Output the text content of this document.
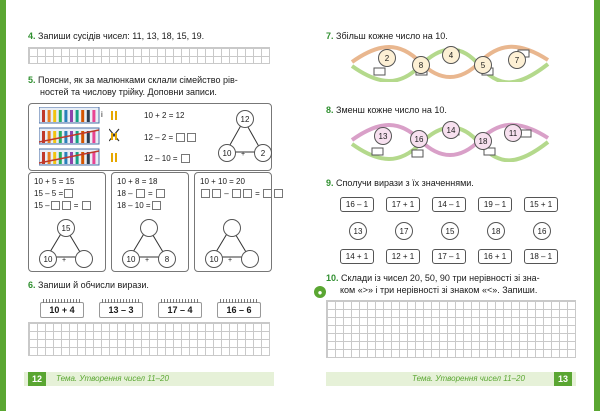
4. Запиши сусідів чисел: 11, 13, 18, 15, 19.
5. Поясни, як за малюнками склали сімейство рів-
ностей та числову трійку. Доповни записи.
і	10 + 2 = 12
12 – 2 =
12 – 10 =
12
10	2
+
10 + 5 = 15
15 – 5 =
15 –	=
15
10	+
10 + 8 = 18
18 – =
18 – 10 =
10	8
+
10 + 10 = 20
–	=
10	+
6. Запиши й обчисли вирази.
10 + 4	13 – 3	17 – 4	16 – 6
12	Тема. Утворення чисел 11–20
7. Збільш кожне число на 10.
2
8
4
5
7
8. Зменш кожне число на 10.
13	16
14
18
11
9. Сполучи вирази з їх значеннями.
16 – 1	17 + 1	14 – 1	19 – 1	15 + 1
13	17	15	18	16
14 + 1	12 + 1	17 – 1	16 + 1	18 – 1
●
10. Склади із чисел 20, 50, 90 три нерівності зі зна-
ком «>» і три нерівності зі знаком «<». Запиши.
Тема. Утворення чисел 11–20	13
